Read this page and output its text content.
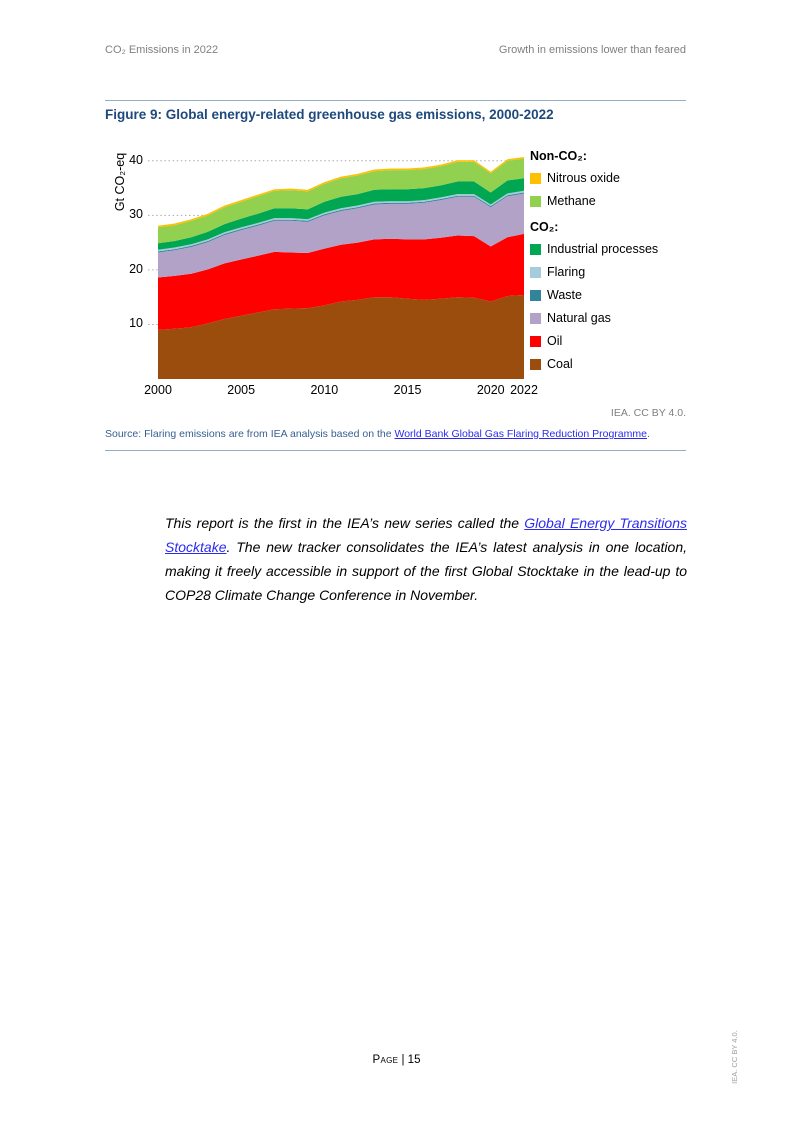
CO₂ Emissions in 2022	Growth in emissions lower than feared
Figure 9: Global energy-related greenhouse gas emissions, 2000-2022
Gt CO₂-eq
10
20
30
40
2000	2005	2010	2015	2020 2022
Non-CO₂:
Nitrous oxide
Methane
CO₂:
Industrial processes
Flaring
Waste
Natural gas
Oil
Coal
IEA. CC BY 4.0.
Source: Flaring emissions are from IEA analysis based on the World Bank Global Gas Flaring Reduction Programme.
This report is the first in the IEA’s new series called the Global Energy Transitions Stocktake. The new tracker consolidates the IEA’s latest analysis in one location, making it freely accessible in support of the first Global Stocktake in the lead-up to COP28 Climate Change Conference in November.
Page | 15	IEA. CC BY 4.0.
